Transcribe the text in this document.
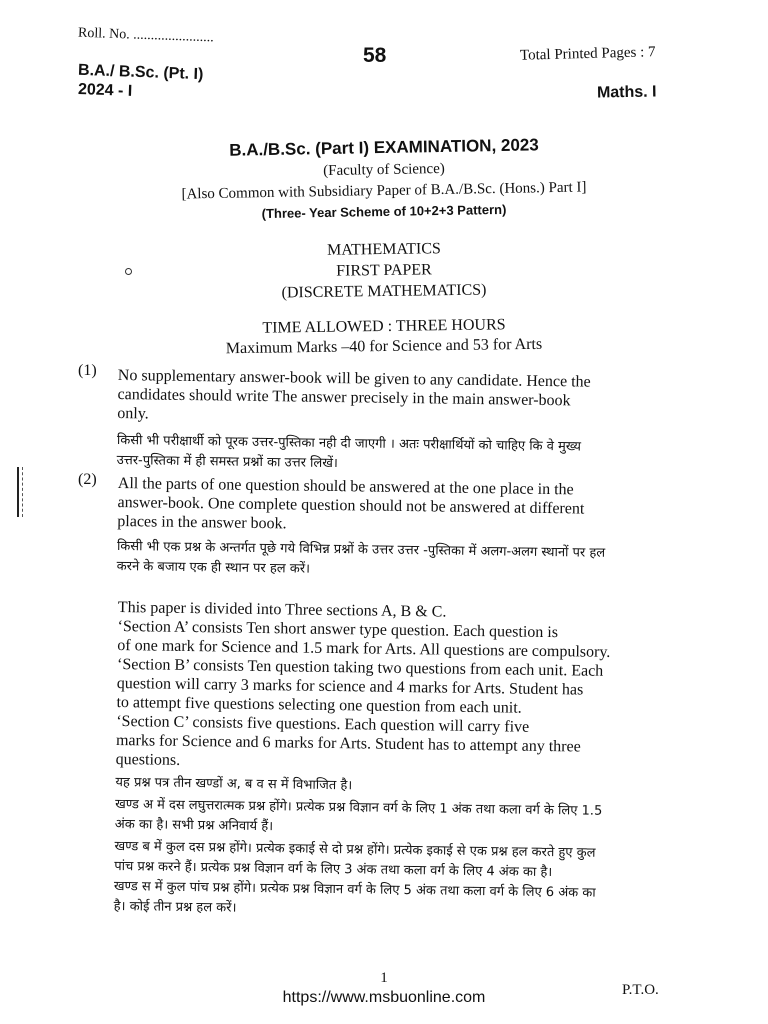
Roll. No. .......................
58	Total Printed Pages : 7
B.A./ B.Sc. (Pt. I)
2024 - I	Maths. I
B.A./B.Sc. (Part I) EXAMINATION, 2023
(Faculty of Science)
[Also Common with Subsidiary Paper of B.A./B.Sc. (Hons.) Part I]
(Three- Year Scheme of 10+2+3 Pattern)
MATHEMATICS
FIRST PAPER
(DISCRETE MATHEMATICS)
TIME ALLOWED : THREE HOURS
Maximum Marks –40 for Science and 53 for Arts
(1) No supplementary answer-book will be given to any candidate. Hence the
candidates should write The answer precisely in the main answer-book
only.
किसी भी परीक्षार्थी को पूरक उत्तर-पुस्तिका नही दी जाएगी । अतः परीक्षार्थियों को चाहिए कि वे मुख्य
उत्तर-पुस्तिका में ही समस्त प्रश्नों का उत्तर लिखें।
(2) All the parts of one question should be answered at the one place in the
answer-book. One complete question should not be answered at different
places in the answer book.
किसी भी एक प्रश्न के अन्तर्गत पूछे गये विभिन्न प्रश्नों के उत्तर उत्तर -पुस्तिका में अलग-अलग स्थानों पर हल
करने के बजाय एक ही स्थान पर हल करें।
This paper is divided into Three sections A, B & C.
‘Section A’ consists Ten short answer type question. Each question is
of one mark for Science and 1.5 mark for Arts. All questions are compulsory.
‘Section B’ consists Ten question taking two questions from each unit. Each
question will carry 3 marks for science and 4 marks for Arts. Student has
to attempt five questions selecting one question from each unit.
‘Section C’ consists five questions. Each question will carry five
marks for Science and 6 marks for Arts. Student has to attempt any three
questions.
यह प्रश्न पत्र तीन खण्डों अ, ब व स में विभाजित है।
खण्ड अ में दस लघुत्तरात्मक प्रश्न होंगे। प्रत्येक प्रश्न विज्ञान वर्ग के लिए 1 अंक तथा कला वर्ग के लिए 1.5
अंक का है। सभी प्रश्न अनिवार्य हैं।
खण्ड ब में कुल दस प्रश्न होंगे। प्रत्येक इकाई से दो प्रश्न होंगे। प्रत्येक इकाई से एक प्रश्न हल करते हुए कुल
पांच प्रश्न करने हैं। प्रत्येक प्रश्न विज्ञान वर्ग के लिए 3 अंक तथा कला वर्ग के लिए 4 अंक का है।
खण्ड स में कुल पांच प्रश्न होंगे। प्रत्येक प्रश्न विज्ञान वर्ग के लिए 5 अंक तथा कला वर्ग के लिए 6 अंक का
है। कोई तीन प्रश्न हल करें।
1
https://www.msbuonline.com	P.T.O.
